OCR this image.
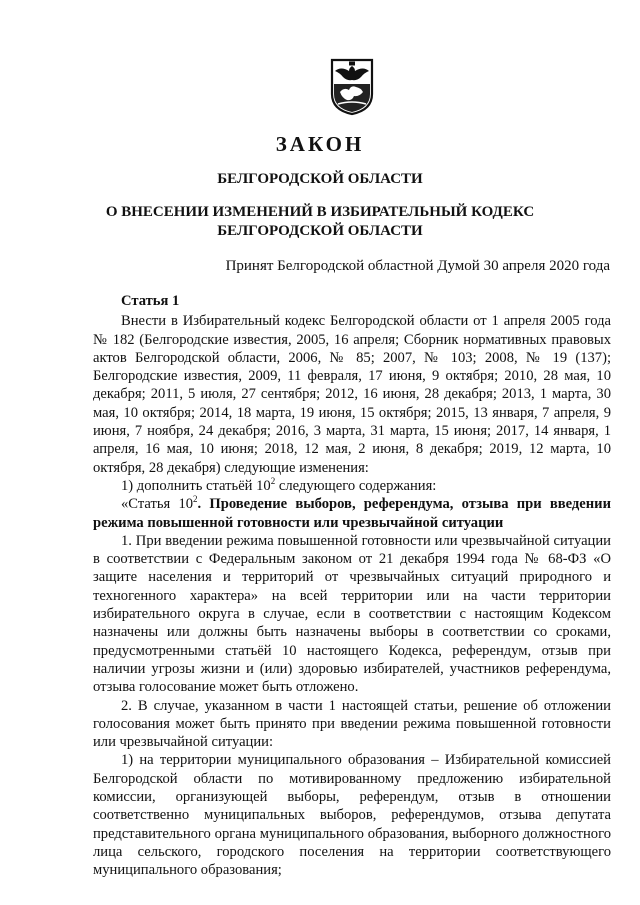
ЗАКОН
БЕЛГОРОДСКОЙ ОБЛАСТИ
О ВНЕСЕНИИ ИЗМЕНЕНИЙ В ИЗБИРАТЕЛЬНЫЙ КОДЕКС
БЕЛГОРОДСКОЙ ОБЛАСТИ
Принят Белгородской областной Думой 30 апреля 2020 года

Статья 1

Внести в Избирательный кодекс Белгородской области от 1 апреля 2005 года № 182 (Белгородские известия, 2005, 16 апреля; Сборник нормативных правовых актов Белгородской области, 2006, № 85; 2007, № 103; 2008, № 19 (137); Белгородские известия, 2009, 11 февраля, 17 июня, 9 октября; 2010, 28 мая, 10 декабря; 2011, 5 июля, 27 сентября; 2012, 16 июня, 28 декабря; 2013, 1 марта, 30 мая, 10 октября; 2014, 18 марта, 19 июня, 15 октября; 2015, 13 января, 7 апреля, 9 июня, 7 ноября, 24 декабря; 2016, 3 марта, 31 марта, 15 июня; 2017, 14 января, 1 апреля, 16 мая, 10 июня; 2018, 12 мая, 2 июня, 8 декабря; 2019, 12 марта, 10 октября, 28 декабря) следующие изменения:

1) дополнить статьёй $10^2$ следующего содержания:

«Статья $10^2$. Проведение выборов, референдума, отзыва при введении режима повышенной готовности или чрезвычайной ситуации

1. При введении режима повышенной готовности или чрезвычайной ситуации в соответствии с Федеральным законом от 21 декабря 1994 года № 68-ФЗ «О защите населения и территорий от чрезвычайных ситуаций природного и техногенного характера» на всей территории или на части территории избирательного округа в случае, если в соответствии с настоящим Кодексом назначены или должны быть назначены выборы в соответствии со сроками, предусмотренными статьёй 10 настоящего Кодекса, референдум, отзыв при наличии угрозы жизни и (или) здоровью избирателей, участников референдума, отзыва голосование может быть отложено.

2. В случае, указанном в части 1 настоящей статьи, решение об отложении голосования может быть принято при введении режима повышенной готовности или чрезвычайной ситуации:

1) на территории муниципального образования – Избирательной комиссией Белгородской области по мотивированному предложению избирательной комиссии, организующей выборы, референдум, отзыв в отношении соответственно муниципальных выборов, референдумов, отзыва депутата представительного органа муниципального образования, выборного должностного лица сельского, городского поселения на территории соответствующего муниципального образования;
